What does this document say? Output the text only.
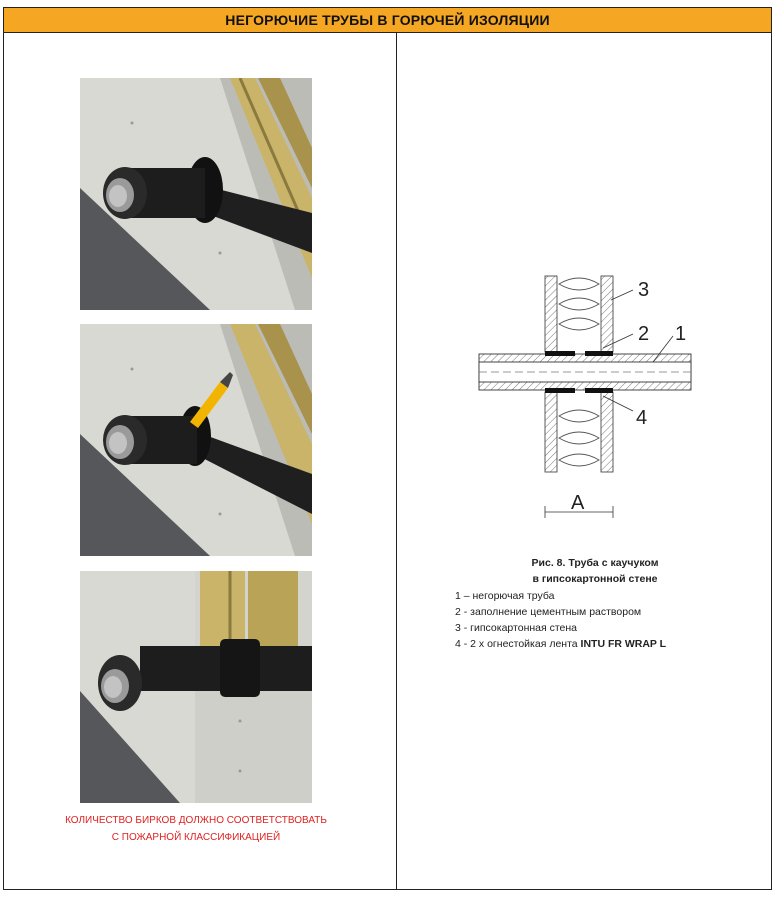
НЕГОРЮЧИЕ ТРУБЫ В ГОРЮЧЕЙ ИЗОЛЯЦИИ
КОЛИЧЕСТВО БИРКОВ ДОЛЖНО СООТВЕТСТВОВАТЬ
С ПОЖАРНОЙ КЛАССИФИКАЦИЕЙ
3
2 1
4
A
Рис. 8. Труба с каучуком
в гипсокартонной стене
1 – негорючая труба
2 - заполнение цементным раствором
3 - гипсокартонная стена
4 - 2 х огнестойкая лента INTU FR WRAP L
